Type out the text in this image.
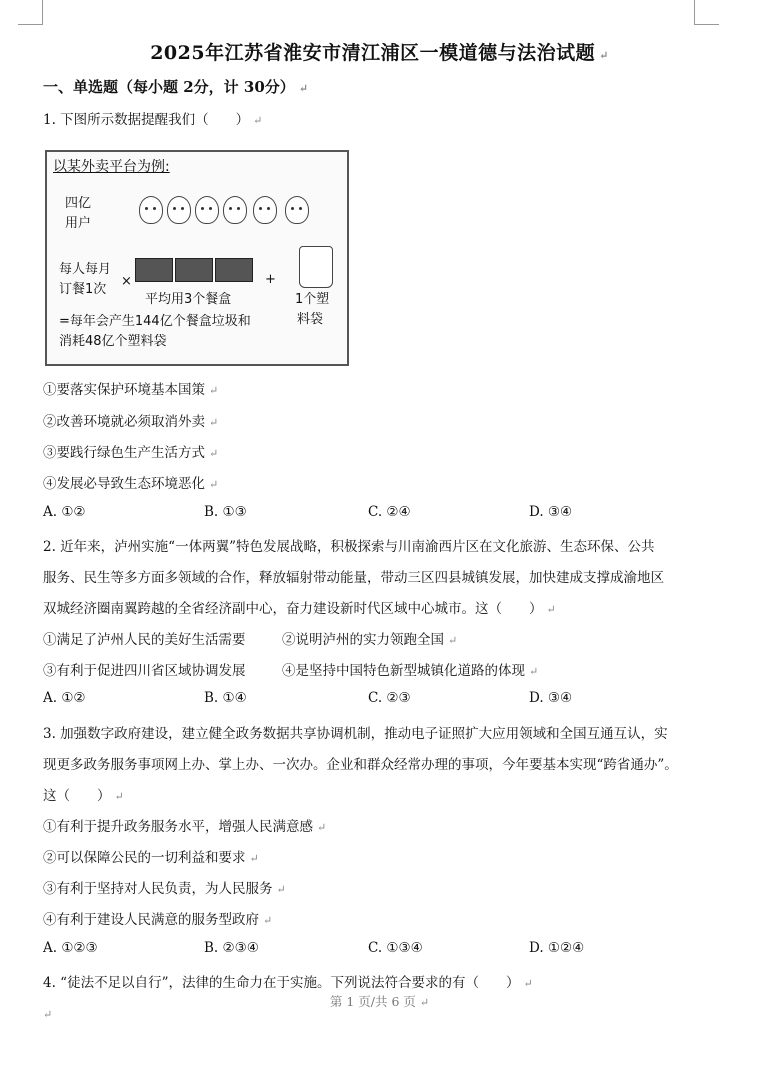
2025年江苏省淮安市清江浦区一模道德与法治试题 ↵
一、单选题（每小题 2分，计 30分） ↵
1. 下图所示数据提醒我们（　　） ↵
以某外卖平台为例:
四亿
用户
每人每月
订餐1次
×	+
平均用3个餐盒	1个塑
料袋
=每年会产生144亿个餐盒垃圾和
消耗48亿个塑料袋
①要落实保护环境基本国策 ↵
②改善环境就必须取消外卖 ↵
③要践行绿色生产生活方式 ↵
④发展必导致生态环境恶化 ↵
A. ①②	B. ①③	C. ②④	D. ③④
2. 近年来，泸州实施“一体两翼”特色发展战略，积极探索与川南渝西片区在文化旅游、生态环保、公共
服务、民生等多方面多领域的合作，释放辐射带动能量，带动三区四县城镇发展，加快建成支撑成渝地区
双城经济圈南翼跨越的全省经济副中心，奋力建设新时代区域中心城市。这（　　） ↵
①满足了泸州人民的美好生活需要	②说明泸州的实力领跑全国 ↵
③有利于促进四川省区域协调发展	④是坚持中国特色新型城镇化道路的体现 ↵
A. ①②	B. ①④	C. ②③	D. ③④
3. 加强数字政府建设，建立健全政务数据共享协调机制，推动电子证照扩大应用领域和全国互通互认，实
现更多政务服务事项网上办、掌上办、一次办。企业和群众经常办理的事项，今年要基本实现“跨省通办”。
这（　　） ↵
①有利于提升政务服务水平，增强人民满意感 ↵
②可以保障公民的一切利益和要求 ↵
③有利于坚持对人民负责，为人民服务 ↵
④有利于建设人民满意的服务型政府 ↵
A. ①②③	B. ②③④	C. ①③④	D. ①②④
4. “徒法不足以自行”，法律的生命力在于实施。下列说法符合要求的有（　　） ↵
第 1 页/共 6 页 ↵
↵
